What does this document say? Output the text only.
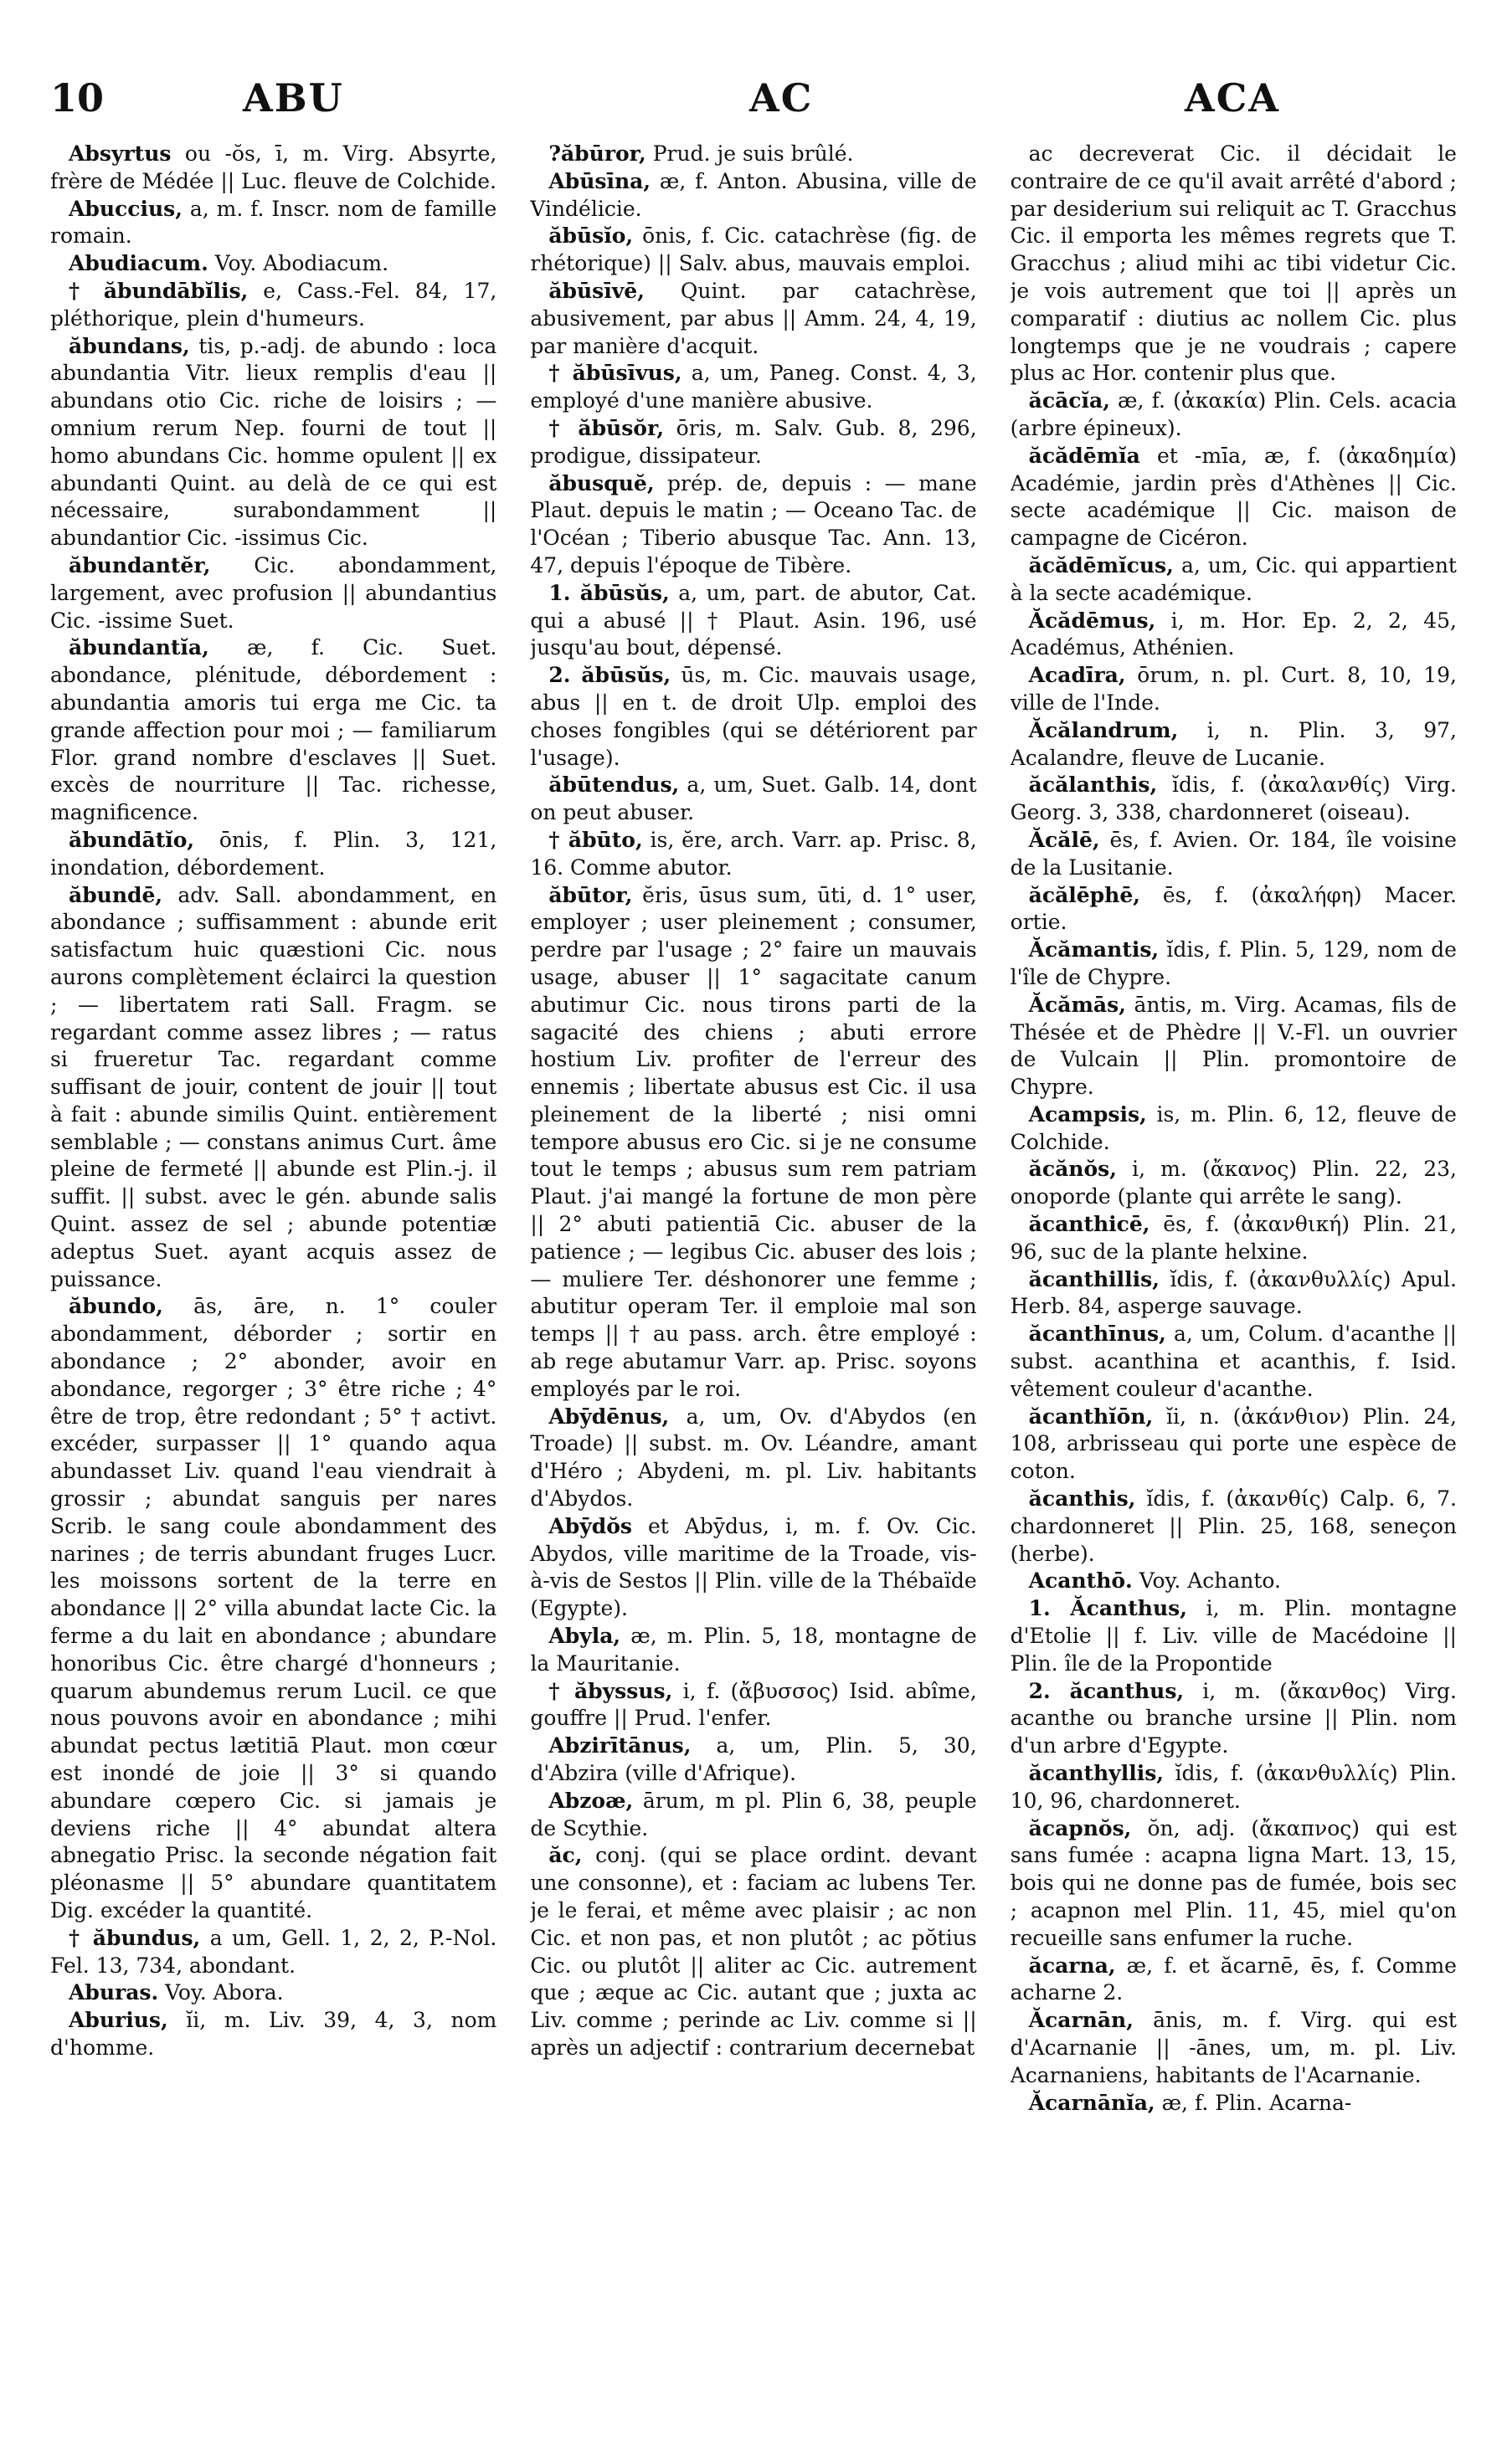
10	ABU	AC	ACA

Absyrtus ou -ŏs, ī, m. Virg. Absyrte, frère de Médée || Luc. fleuve de Colchide.

Abuccius, a, m. f. Inscr. nom de famille romain.

Abudiacum. Voy. Abodiacum.

† ăbundābĭlis, e, Cass.-Fel. 84, 17, pléthorique, plein d'humeurs.

ăbundans, tis, p.-adj. de abundo : loca abundantia Vitr. lieux remplis d'eau || abundans otio Cic. riche de loisirs ; — omnium rerum Nep. fourni de tout || homo abundans Cic. homme opulent || ex abundanti Quint. au delà de ce qui est nécessaire, surabondamment || abundantior Cic. -issimus Cic.

ăbundantĕr, Cic. abondamment, largement, avec profusion || abundantius Cic. -issime Suet.

ăbundantĭa, æ, f. Cic. Suet. abondance, plénitude, débordement : abundantia amoris tui erga me Cic. ta grande affection pour moi ; — familiarum Flor. grand nombre d'esclaves || Suet. excès de nourriture || Tac. richesse, magnificence.

ăbundātĭo, ōnis, f. Plin. 3, 121, inondation, débordement.

ăbundē, adv. Sall. abondamment, en abondance ; suffisamment : abunde erit satisfactum huic quæstioni Cic. nous aurons complètement éclairci la question ; — libertatem rati Sall. Fragm. se regardant comme assez libres ; — ratus si frueretur Tac. regardant comme suffisant de jouir, content de jouir || tout à fait : abunde similis Quint. entièrement semblable ; — constans animus Curt. âme pleine de fermeté || abunde est Plin.-j. il suffit. || subst. avec le gén. abunde salis Quint. assez de sel ; abunde potentiæ adeptus Suet. ayant acquis assez de puissance.

ăbundo, ās, āre, n. 1° couler abondamment, déborder ; sortir en abondance ; 2° abonder, avoir en abondance, regorger ; 3° être riche ; 4° être de trop, être redondant ; 5° † activt. excéder, surpasser || 1° quando aqua abundasset Liv. quand l'eau viendrait à grossir ; abundat sanguis per nares Scrib. le sang coule abondamment des narines ; de terris abundant fruges Lucr. les moissons sortent de la terre en abondance || 2° villa abundat lacte Cic. la ferme a du lait en abondance ; abundare honoribus Cic. être chargé d'honneurs ; quarum abundemus rerum Lucil. ce que nous pouvons avoir en abondance ; mihi abundat pectus lætitiā Plaut. mon cœur est inondé de joie || 3° si quando abundare cœpero Cic. si jamais je deviens riche || 4° abundat altera abnegatio Prisc. la seconde négation fait pléonasme || 5° abundare quantitatem Dig. excéder la quantité.

† ăbundus, a um, Gell. 1, 2, 2, P.-Nol. Fel. 13, 734, abondant.

Aburas. Voy. Abora.

Aburius, ĭi, m. Liv. 39, 4, 3, nom d'homme.

?ăbūror, Prud. je suis brûlé.

Abūsīna, æ, f. Anton. Abusina, ville de Vindélicie.

ăbūsĭo, ōnis, f. Cic. catachrèse (fig. de rhétorique) || Salv. abus, mauvais emploi.

ăbūsīvē, Quint. par catachrèse, abusivement, par abus || Amm. 24, 4, 19, par manière d'acquit.

† ăbūsīvus, a, um, Paneg. Const. 4, 3, employé d'une manière abusive.

† ăbūsŏr, ōris, m. Salv. Gub. 8, 296, prodigue, dissipateur.

ăbusquĕ, prép. de, depuis : — mane Plaut. depuis le matin ; — Oceano Tac. de l'Océan ; Tiberio abusque Tac. Ann. 13, 47, depuis l'époque de Tibère.

1. ăbūsŭs, a, um, part. de abutor, Cat. qui a abusé || † Plaut. Asin. 196, usé jusqu'au bout, dépensé.

2. ăbūsŭs, ūs, m. Cic. mauvais usage, abus || en t. de droit Ulp. emploi des choses fongibles (qui se détériorent par l'usage).

ăbūtendus, a, um, Suet. Galb. 14, dont on peut abuser.

† ăbūto, is, ĕre, arch. Varr. ap. Prisc. 8, 16. Comme abutor.

ăbūtor, ĕris, ūsus sum, ūti, d. 1° user, employer ; user pleinement ; consumer, perdre par l'usage ; 2° faire un mauvais usage, abuser || 1° sagacitate canum abutimur Cic. nous tirons parti de la sagacité des chiens ; abuti errore hostium Liv. profiter de l'erreur des ennemis ; libertate abusus est Cic. il usa pleinement de la liberté ; nisi omni tempore abusus ero Cic. si je ne consume tout le temps ; abusus sum rem patriam Plaut. j'ai mangé la fortune de mon père || 2° abuti patientiā Cic. abuser de la patience ; — legibus Cic. abuser des lois ; — muliere Ter. déshonorer une femme ; abutitur operam Ter. il emploie mal son temps || † au pass. arch. être employé : ab rege abutamur Varr. ap. Prisc. soyons employés par le roi.

Abȳdēnus, a, um, Ov. d'Abydos (en Troade) || subst. m. Ov. Léandre, amant d'Héro ; Abydeni, m. pl. Liv. habitants d'Abydos.

Abȳdŏs et Abȳdus, i, m. f. Ov. Cic. Abydos, ville maritime de la Troade, vis-à-vis de Sestos || Plin. ville de la Thébaïde (Egypte).

Abyla, æ, m. Plin. 5, 18, montagne de la Mauritanie.

† ăbyssus, i, f. (ἄβυσσος) Isid. abîme, gouffre || Prud. l'enfer.

Abzirītānus, a, um, Plin. 5, 30, d'Abzira (ville d'Afrique).

Abzoæ, ārum, m pl. Plin 6, 38, peuple de Scythie.

ăc, conj. (qui se place ordint. devant une consonne), et : faciam ac lubens Ter. je le ferai, et même avec plaisir ; ac non Cic. et non pas, et non plutôt ; ac pŏtius Cic. ou plutôt || aliter ac Cic. autrement que ; æque ac Cic. autant que ; juxta ac Liv. comme ; perinde ac Liv. comme si || après un adjectif : contrarium decernebat

ac decreverat Cic. il décidait le contraire de ce qu'il avait arrêté d'abord ; par desiderium sui reliquit ac T. Gracchus Cic. il emporta les mêmes regrets que T. Gracchus ; aliud mihi ac tibi videtur Cic. je vois autrement que toi || après un comparatif : diutius ac nollem Cic. plus longtemps que je ne voudrais ; capere plus ac Hor. contenir plus que.

ăcācĭa, æ, f. (ἀκακία) Plin. Cels. acacia (arbre épineux).

ăcădēmĭa et -mīa, æ, f. (ἀκαδημία) Académie, jardin près d'Athènes || Cic. secte académique || Cic. maison de campagne de Cicéron.

ăcădēmĭcus, a, um, Cic. qui appartient à la secte académique.

Ăcădēmus, i, m. Hor. Ep. 2, 2, 45, Académus, Athénien.

Acadīra, ōrum, n. pl. Curt. 8, 10, 19, ville de l'Inde.

Ăcălandrum, i, n. Plin. 3, 97, Acalandre, fleuve de Lucanie.

ăcălanthis, ĭdis, f. (ἀκαλανθίς) Virg. Georg. 3, 338, chardonneret (oiseau).

Ăcălē, ēs, f. Avien. Or. 184, île voisine de la Lusitanie.

ăcălēphē, ēs, f. (ἀκαλήφη) Macer. ortie.

Ăcămantis, ĭdis, f. Plin. 5, 129, nom de l'île de Chypre.

Ăcămās, āntis, m. Virg. Acamas, fils de Thésée et de Phèdre || V.-Fl. un ouvrier de Vulcain || Plin. promontoire de Chypre.

Acampsis, is, m. Plin. 6, 12, fleuve de Colchide.

ăcănŏs, i, m. (ἄκανος) Plin. 22, 23, onoporde (plante qui arrête le sang).

ăcanthicē, ēs, f. (ἀκανθική) Plin. 21, 96, suc de la plante helxine.

ăcanthillis, ĭdis, f. (ἀκανθυλλίς) Apul. Herb. 84, asperge sauvage.

ăcanthīnus, a, um, Colum. d'acanthe || subst. acanthina et acanthis, f. Isid. vêtement couleur d'acanthe.

ăcanthĭōn, ĭi, n. (ἀκάνθιον) Plin. 24, 108, arbrisseau qui porte une espèce de coton.

ăcanthis, ĭdis, f. (ἀκανθίς) Calp. 6, 7. chardonneret || Plin. 25, 168, seneçon (herbe).

Acanthō. Voy. Achanto.

1. Ăcanthus, i, m. Plin. montagne d'Etolie || f. Liv. ville de Macédoine || Plin. île de la Propontide

2. ăcanthus, i, m. (ἄκανθος) Virg. acanthe ou branche ursine || Plin. nom d'un arbre d'Egypte.

ăcanthyllis, ĭdis, f. (ἀκανθυλλίς) Plin. 10, 96, chardonneret.

ăcapnŏs, ŏn, adj. (ἄκαπνος) qui est sans fumée : acapna ligna Mart. 13, 15, bois qui ne donne pas de fumée, bois sec ; acapnon mel Plin. 11, 45, miel qu'on recueille sans enfumer la ruche.

ăcarna, æ, f. et ăcarnē, ēs, f. Comme acharne 2.

Ăcarnān, ānis, m. f. Virg. qui est d'Acarnanie || -ānes, um, m. pl. Liv. Acarnaniens, habitants de l'Acarnanie.

Ăcarnānĭa, æ, f. Plin. Acarna-
